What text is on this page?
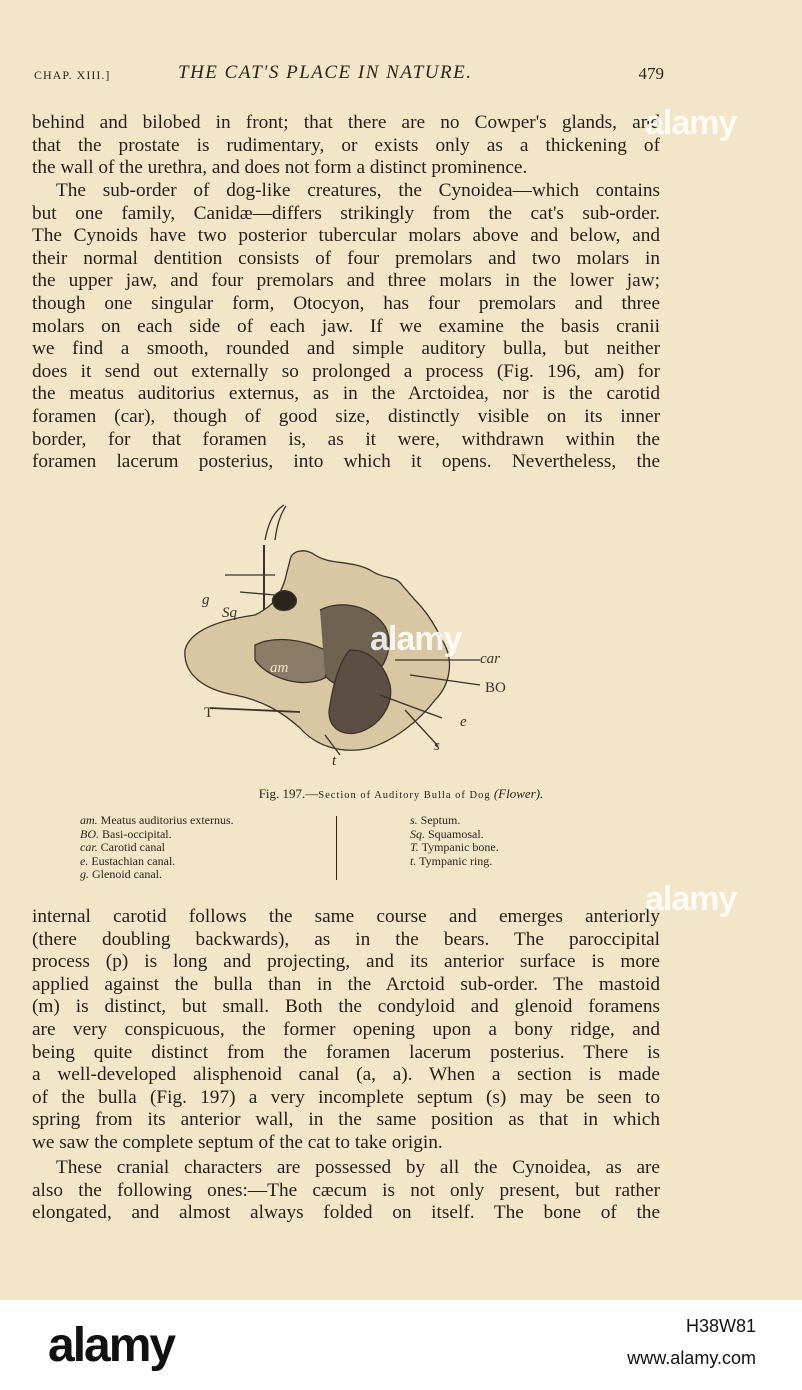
CHAP. XIII.]	THE CAT'S PLACE IN NATURE.	479
behind and bilobed in front; that there are no Cowper's glands, and
that the prostate is rudimentary, or exists only as a thickening of
the wall of the urethra, and does not form a distinct prominence.
The sub-order of dog-like creatures, the Cynoidea—which contains
but one family, Canidæ—differs strikingly from the cat's sub-order.
The Cynoids have two posterior tubercular molars above and below, and
their normal dentition consists of four premolars and two molars in
the upper jaw, and four premolars and three molars in the lower jaw;
though one singular form, Otocyon, has four premolars and three
molars on each side of each jaw. If we examine the basis cranii
we find a smooth, rounded and simple auditory bulla, but neither
does it send out externally so prolonged a process (Fig. 196, am) for
the meatus auditorius externus, as in the Arctoidea, nor is the carotid
foramen (car), though of good size, distinctly visible on its inner
border, for that foramen is, as it were, withdrawn within the
foramen lacerum posterius, into which it opens. Nevertheless, the
g
Sq
am
car
e
s
t
BO
T
Fig. 197.—Section of Auditory Bulla of Dog (Flower).
am. Meatus auditorius externus.
BO. Basi-occipital.
car. Carotid canal
e. Eustachian canal.
g. Glenoid canal.
s. Septum.
Sq. Squamosal.
T. Tympanic bone.
t. Tympanic ring.
internal carotid follows the same course and emerges anteriorly
(there doubling backwards), as in the bears. The paroccipital
process (p) is long and projecting, and its anterior surface is more
applied against the bulla than in the Arctoid sub-order. The mastoid
(m) is distinct, but small. Both the condyloid and glenoid foramens
are very conspicuous, the former opening upon a bony ridge, and
being quite distinct from the foramen lacerum posterius. There is
a well-developed alisphenoid canal (a, a). When a section is made
of the bulla (Fig. 197) a very incomplete septum (s) may be seen to
spring from its anterior wall, in the same position as that in which
we saw the complete septum of the cat to take origin.
These cranial characters are possessed by all the Cynoidea, as are
also the following ones:—The cæcum is not only present, but rather
elongated, and almost always folded on itself. The bone of the
alamy
alamy
alamy
alamy	H38W81
www.alamy.com
